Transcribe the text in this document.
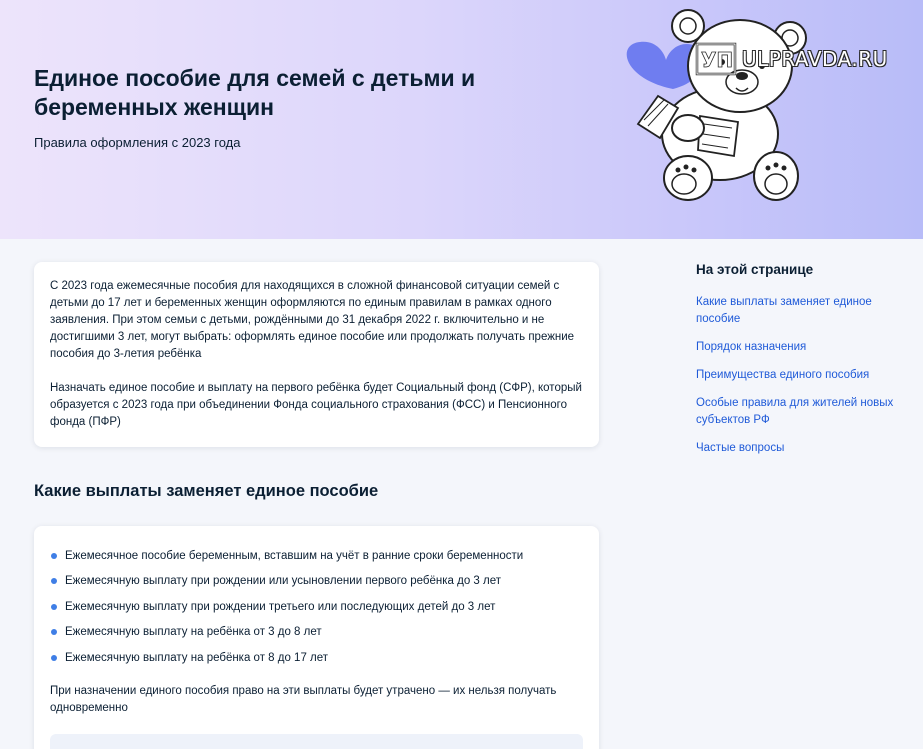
Единое пособие для семей с детьми и беременных женщин
Правила оформления с 2023 года
УП ULPRAVDA.RU

С 2023 года ежемесячные пособия для находящихся в сложной финансовой ситуации семей с детьми до 17 лет и беременных женщин оформляются по единым правилам в рамках одного заявления. При этом семьи с детьми, рождёнными до 31 декабря 2022 г. включительно и не достигшими 3 лет, могут выбрать: оформлять единое пособие или продолжать получать прежние пособия до 3-летия ребёнка

Назначать единое пособие и выплату на первого ребёнка будет Социальный фонд (СФР), который образуется с 2023 года при объединении Фонда социального страхования (ФСС) и Пенсионного фонда (ПФР)

Какие выплаты заменяет единое пособие
Ежемесячное пособие беременным, вставшим на учёт в ранние сроки беременности
Ежемесячную выплату при рождении или усыновлении первого ребёнка до 3 лет
Ежемесячную выплату при рождении третьего или последующих детей до 3 лет
Ежемесячную выплату на ребёнка от 3 до 8 лет
Ежемесячную выплату на ребёнка от 8 до 17 лет

При назначении единого пособия право на эти выплаты будет утрачено — их нельзя получать одновременно

На этой странице
Какие выплаты заменяет единое пособие
Порядок назначения
Преимущества единого пособия
Особые правила для жителей новых субъектов РФ
Частые вопросы
